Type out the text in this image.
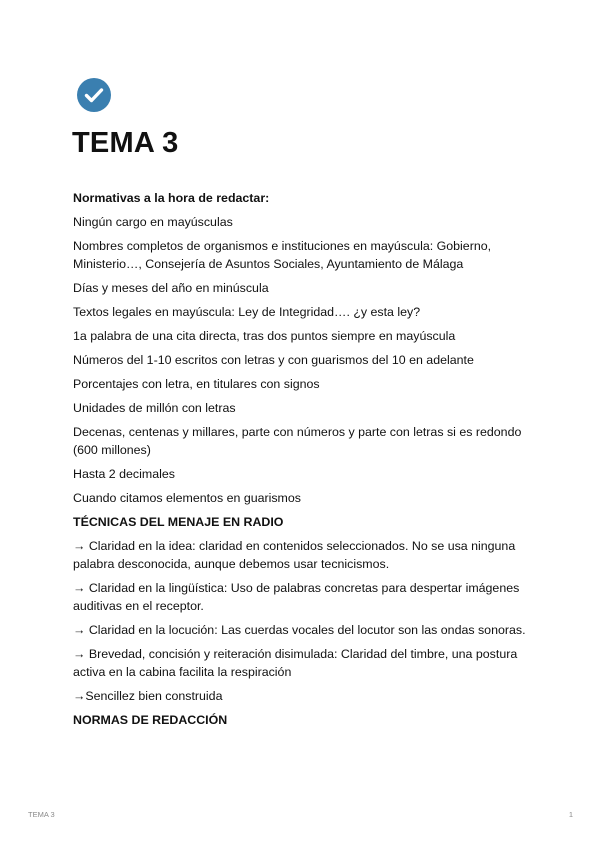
TEMA 3

Normativas a la hora de redactar:

Ningún cargo en mayúsculas

Nombres completos de organismos e instituciones en mayúscula: Gobierno, Ministerio…, Consejería de Asuntos Sociales, Ayuntamiento de Málaga

Días y meses del año en minúscula

Textos legales en mayúscula: Ley de Integridad…. ¿y esta ley?

1a palabra de una cita directa, tras dos puntos siempre en mayúscula

Números del 1-10 escritos con letras y con guarismos del 10 en adelante

Porcentajes con letra, en titulares con signos

Unidades de millón con letras

Decenas, centenas y millares, parte con números y parte con letras si es redondo (600 millones)

Hasta 2 decimales

Cuando citamos elementos en guarismos

TÉCNICAS DEL MENAJE EN RADIO

→ Claridad en la idea: claridad en contenidos seleccionados. No se usa ninguna palabra desconocida, aunque debemos usar tecnicismos.

→ Claridad en la lingüística: Uso de palabras concretas para despertar imágenes auditivas en el receptor.

→ Claridad en la locución: Las cuerdas vocales del locutor son las ondas sonoras.

→ Brevedad, concisión y reiteración disimulada: Claridad del timbre, una postura activa en la cabina facilita la respiración

→Sencillez bien construida

NORMAS DE REDACCIÓN

TEMA 3	1
